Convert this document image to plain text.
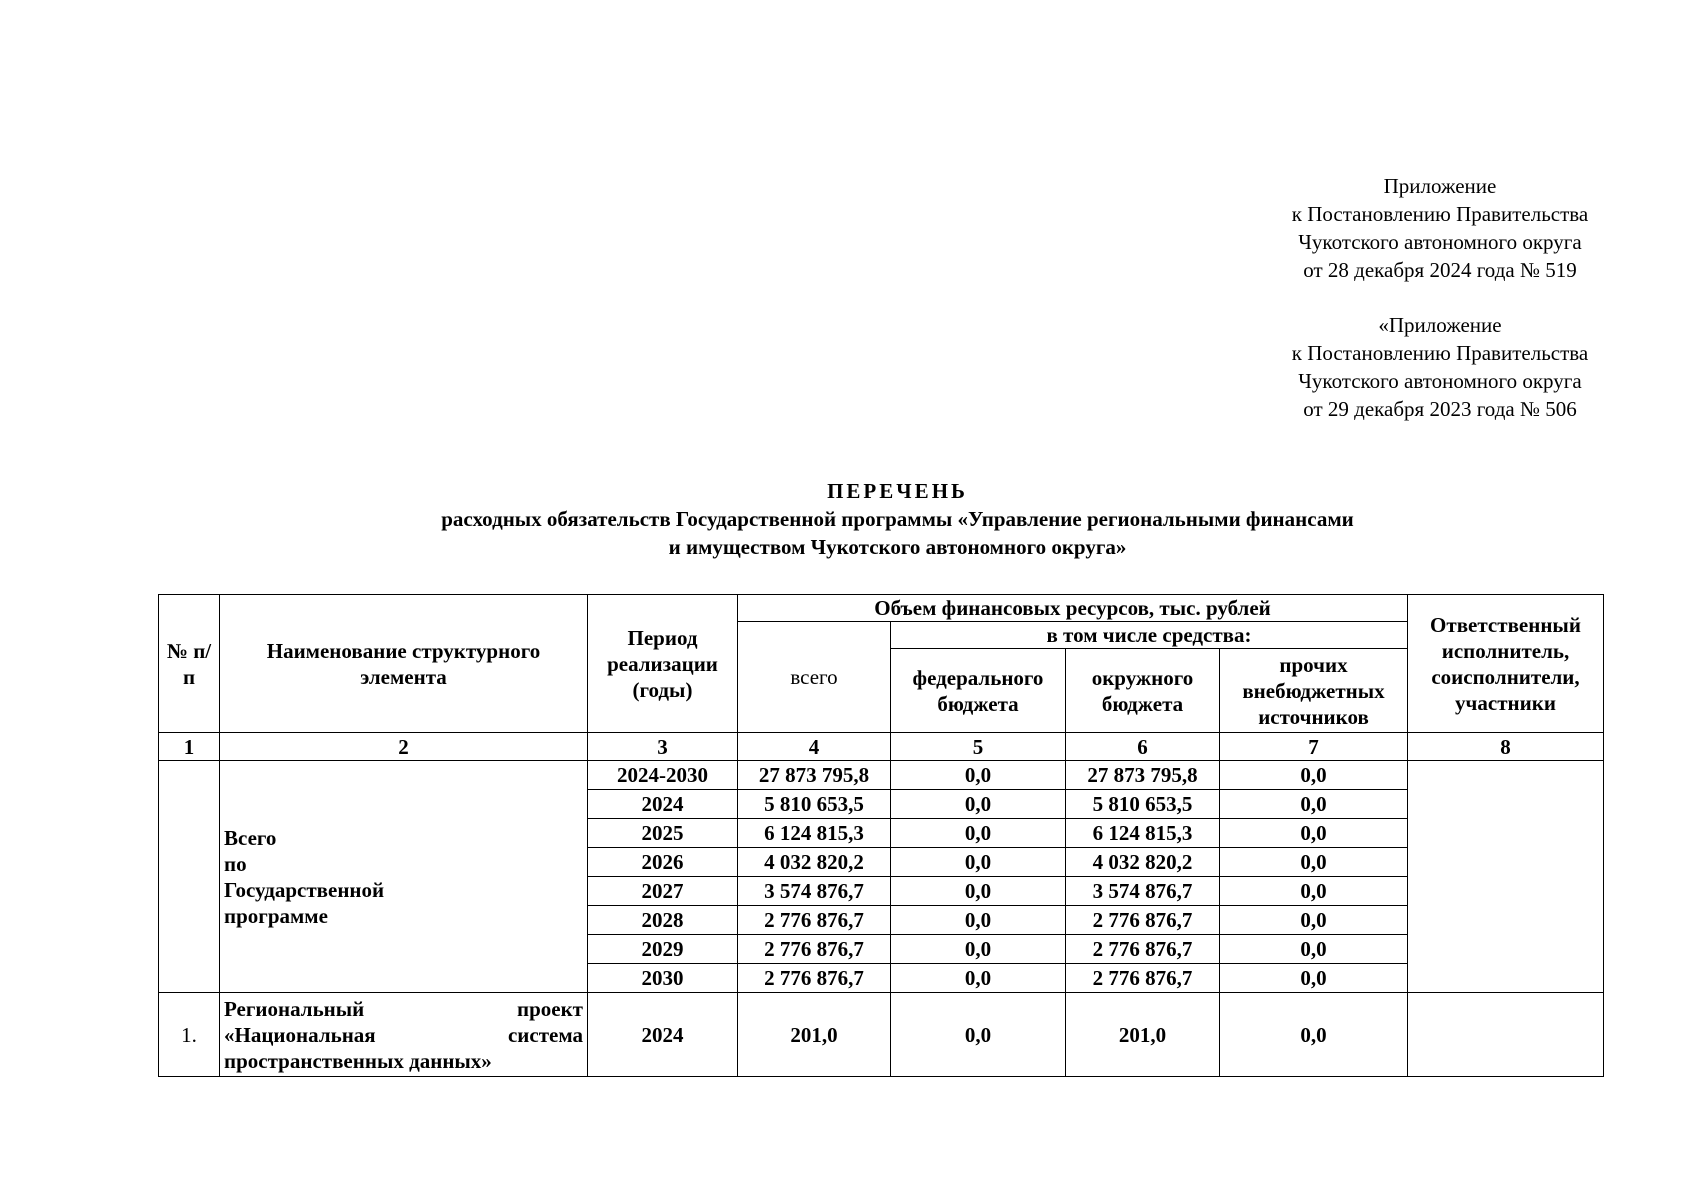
Приложение
к Постановлению Правительства
Чукотского автономного округа
от 28 декабря 2024 года № 519
«Приложение
к Постановлению Правительства
Чукотского автономного округа
от 29 декабря 2023 года № 506
ПЕРЕЧЕНЬ
расходных обязательств Государственной программы «Управление региональными финансами
и имуществом Чукотского автономного округа»
№ п/п	Наименование структурного элемента	Период реализации (годы)	Объем финансовых ресурсов, тыс. рублей				Ответственный исполнитель, соисполнители, участники
			всего	в том числе средства:			
				федерального бюджета	окружного бюджета	прочих внебюджетных источников	
1	2	3	4	5	6	7	8

	Всего
по
Государственной
программе	2024-2030	27 873 795,8	0,0	27 873 795,8	0,0	
		2024	5 810 653,5	0,0	5 810 653,5	0,0	
		2025	6 124 815,3	0,0	6 124 815,3	0,0	
		2026	4 032 820,2	0,0	4 032 820,2	0,0	
		2027	3 574 876,7	0,0	3 574 876,7	0,0	
		2028	2 776 876,7	0,0	2 776 876,7	0,0	
		2029	2 776 876,7	0,0	2 776 876,7	0,0	
		2030	2 776 876,7	0,0	2 776 876,7	0,0	
1.	Региональный проект
«Национальная система
пространственных данных»	2024	201,0	0,0	201,0	0,0	
